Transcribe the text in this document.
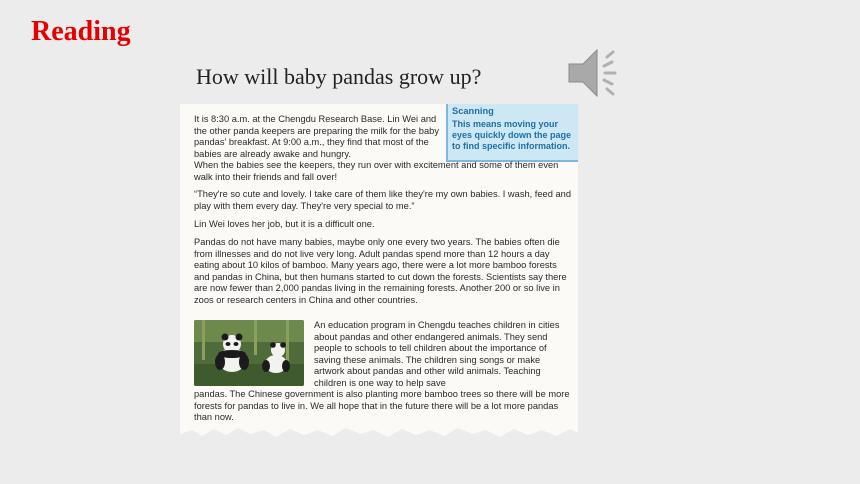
Reading
How will baby pandas grow up?
It is 8:30 a.m. at the Chengdu Research Base. Lin Wei and the other panda keepers are preparing the milk for the baby pandas' breakfast. At 9:00 a.m., they find that most of the babies are already awake and hungry.
Scanning
This means moving your eyes quickly down the page to find specific information.
When the babies see the keepers, they run over with excitement and some of them even walk into their friends and fall over!

“They're so cute and lovely. I take care of them like they're my own babies. I wash, feed and play with them every day. They're very special to me.”

Lin Wei loves her job, but it is a difficult one.

Pandas do not have many babies, maybe only one every two years. The babies often die from illnesses and do not live very long. Adult pandas spend more than 12 hours a day eating about 10 kilos of bamboo. Many years ago, there were a lot more bamboo forests and pandas in China, but then humans started to cut down the forests. Scientists say there are now fewer than 2,000 pandas living in the remaining forests. Another 200 or so live in zoos or research centers in China and other countries.

An education program in Chengdu teaches children in cities about pandas and other endangered animals. They send people to schools to tell children about the importance of saving these animals. The children sing songs or make artwork about pandas and other wild animals. Teaching children is one way to help save
pandas. The Chinese government is also planting more bamboo trees so there will be more forests for pandas to live in. We all hope that in the future there will be a lot more pandas than now.
